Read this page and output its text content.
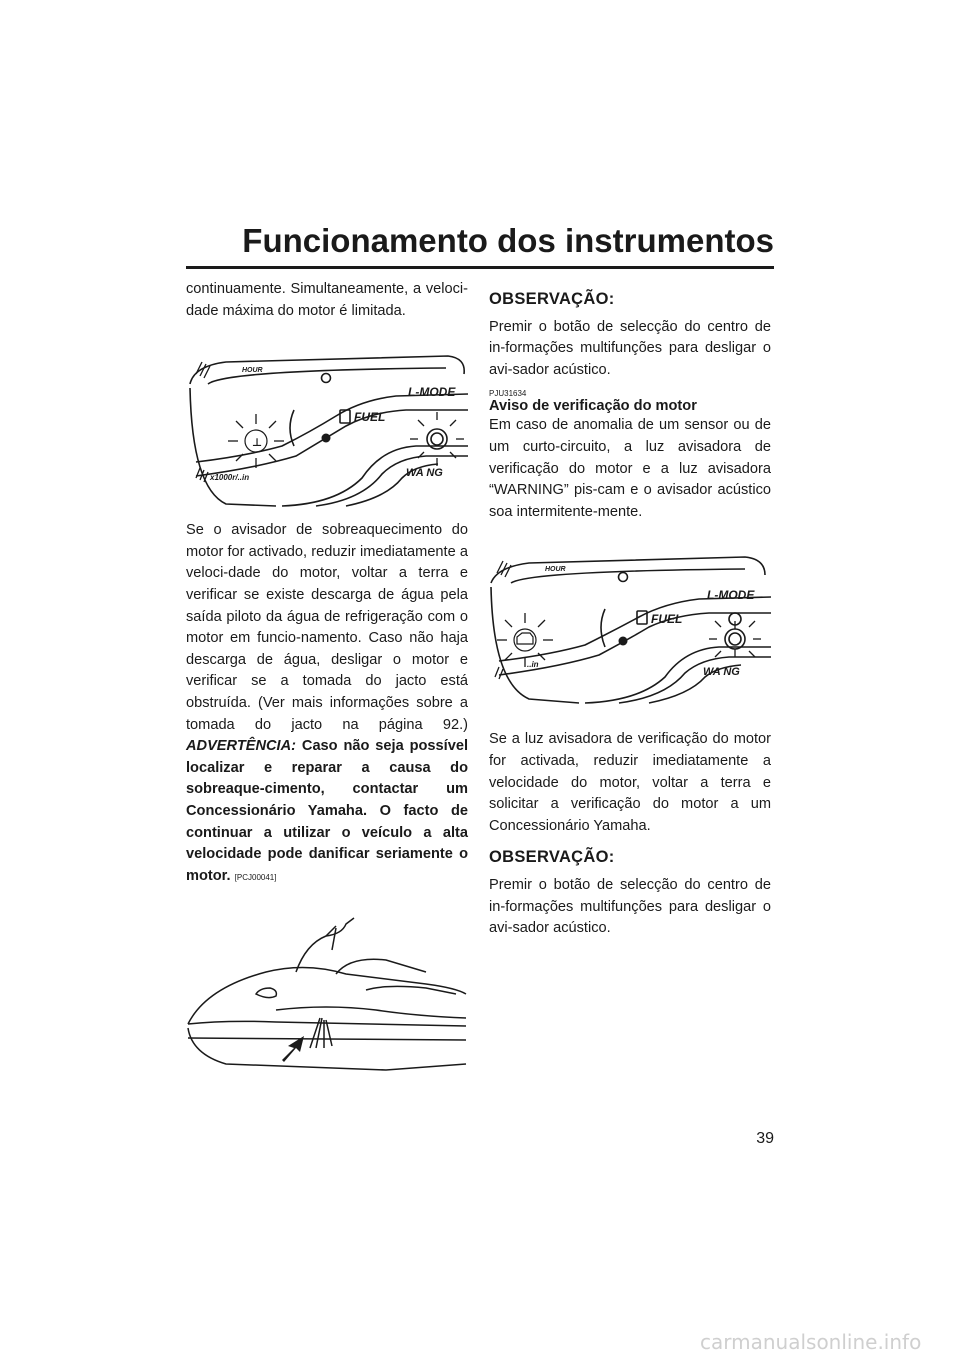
Funcionamento dos instrumentos

continuamente. Simultaneamente, a veloci-dade máxima do motor é limitada.

⊥
HOUR
FUEL
L-MODE
WA NG
x1000r/..in

Se o avisador de sobreaquecimento do motor for activado, reduzir imediatamente a veloci-dade do motor, voltar a terra e verificar se existe descarga de água pela saída piloto da água de refrigeração com o motor em funcio-namento. Caso não haja descarga de água, desligar o motor e verificar se a tomada do jacto está obstruída. (Ver mais informações sobre a tomada do jacto na página 92.) ADVERTÊNCIA: Caso não seja possível localizar e reparar a causa do sobreaque-cimento, contactar um Concessionário Yamaha. O facto de continuar a utilizar o veículo a alta velocidade pode danificar seriamente o motor. [PCJ00041]

OBSERVAÇÃO:

Premir o botão de selecção do centro de in-formações multifunções para desligar o avi-sador acústico.

PJU31634
Aviso de verificação do motor

Em caso de anomalia de um sensor ou de um curto-circuito, a luz avisadora de verificação do motor e a luz avisadora “WARNING” pis-cam e o avisador acústico soa intermitente-mente.

HOUR
FUEL
L-MODE
WA NG
..in

Se a luz avisadora de verificação do motor for activada, reduzir imediatamente a velocidade do motor, voltar a terra e solicitar a verificação do motor a um Concessionário Yamaha.

OBSERVAÇÃO:

Premir o botão de selecção do centro de in-formações multifunções para desligar o avi-sador acústico.

39
carmanualsonline.info
